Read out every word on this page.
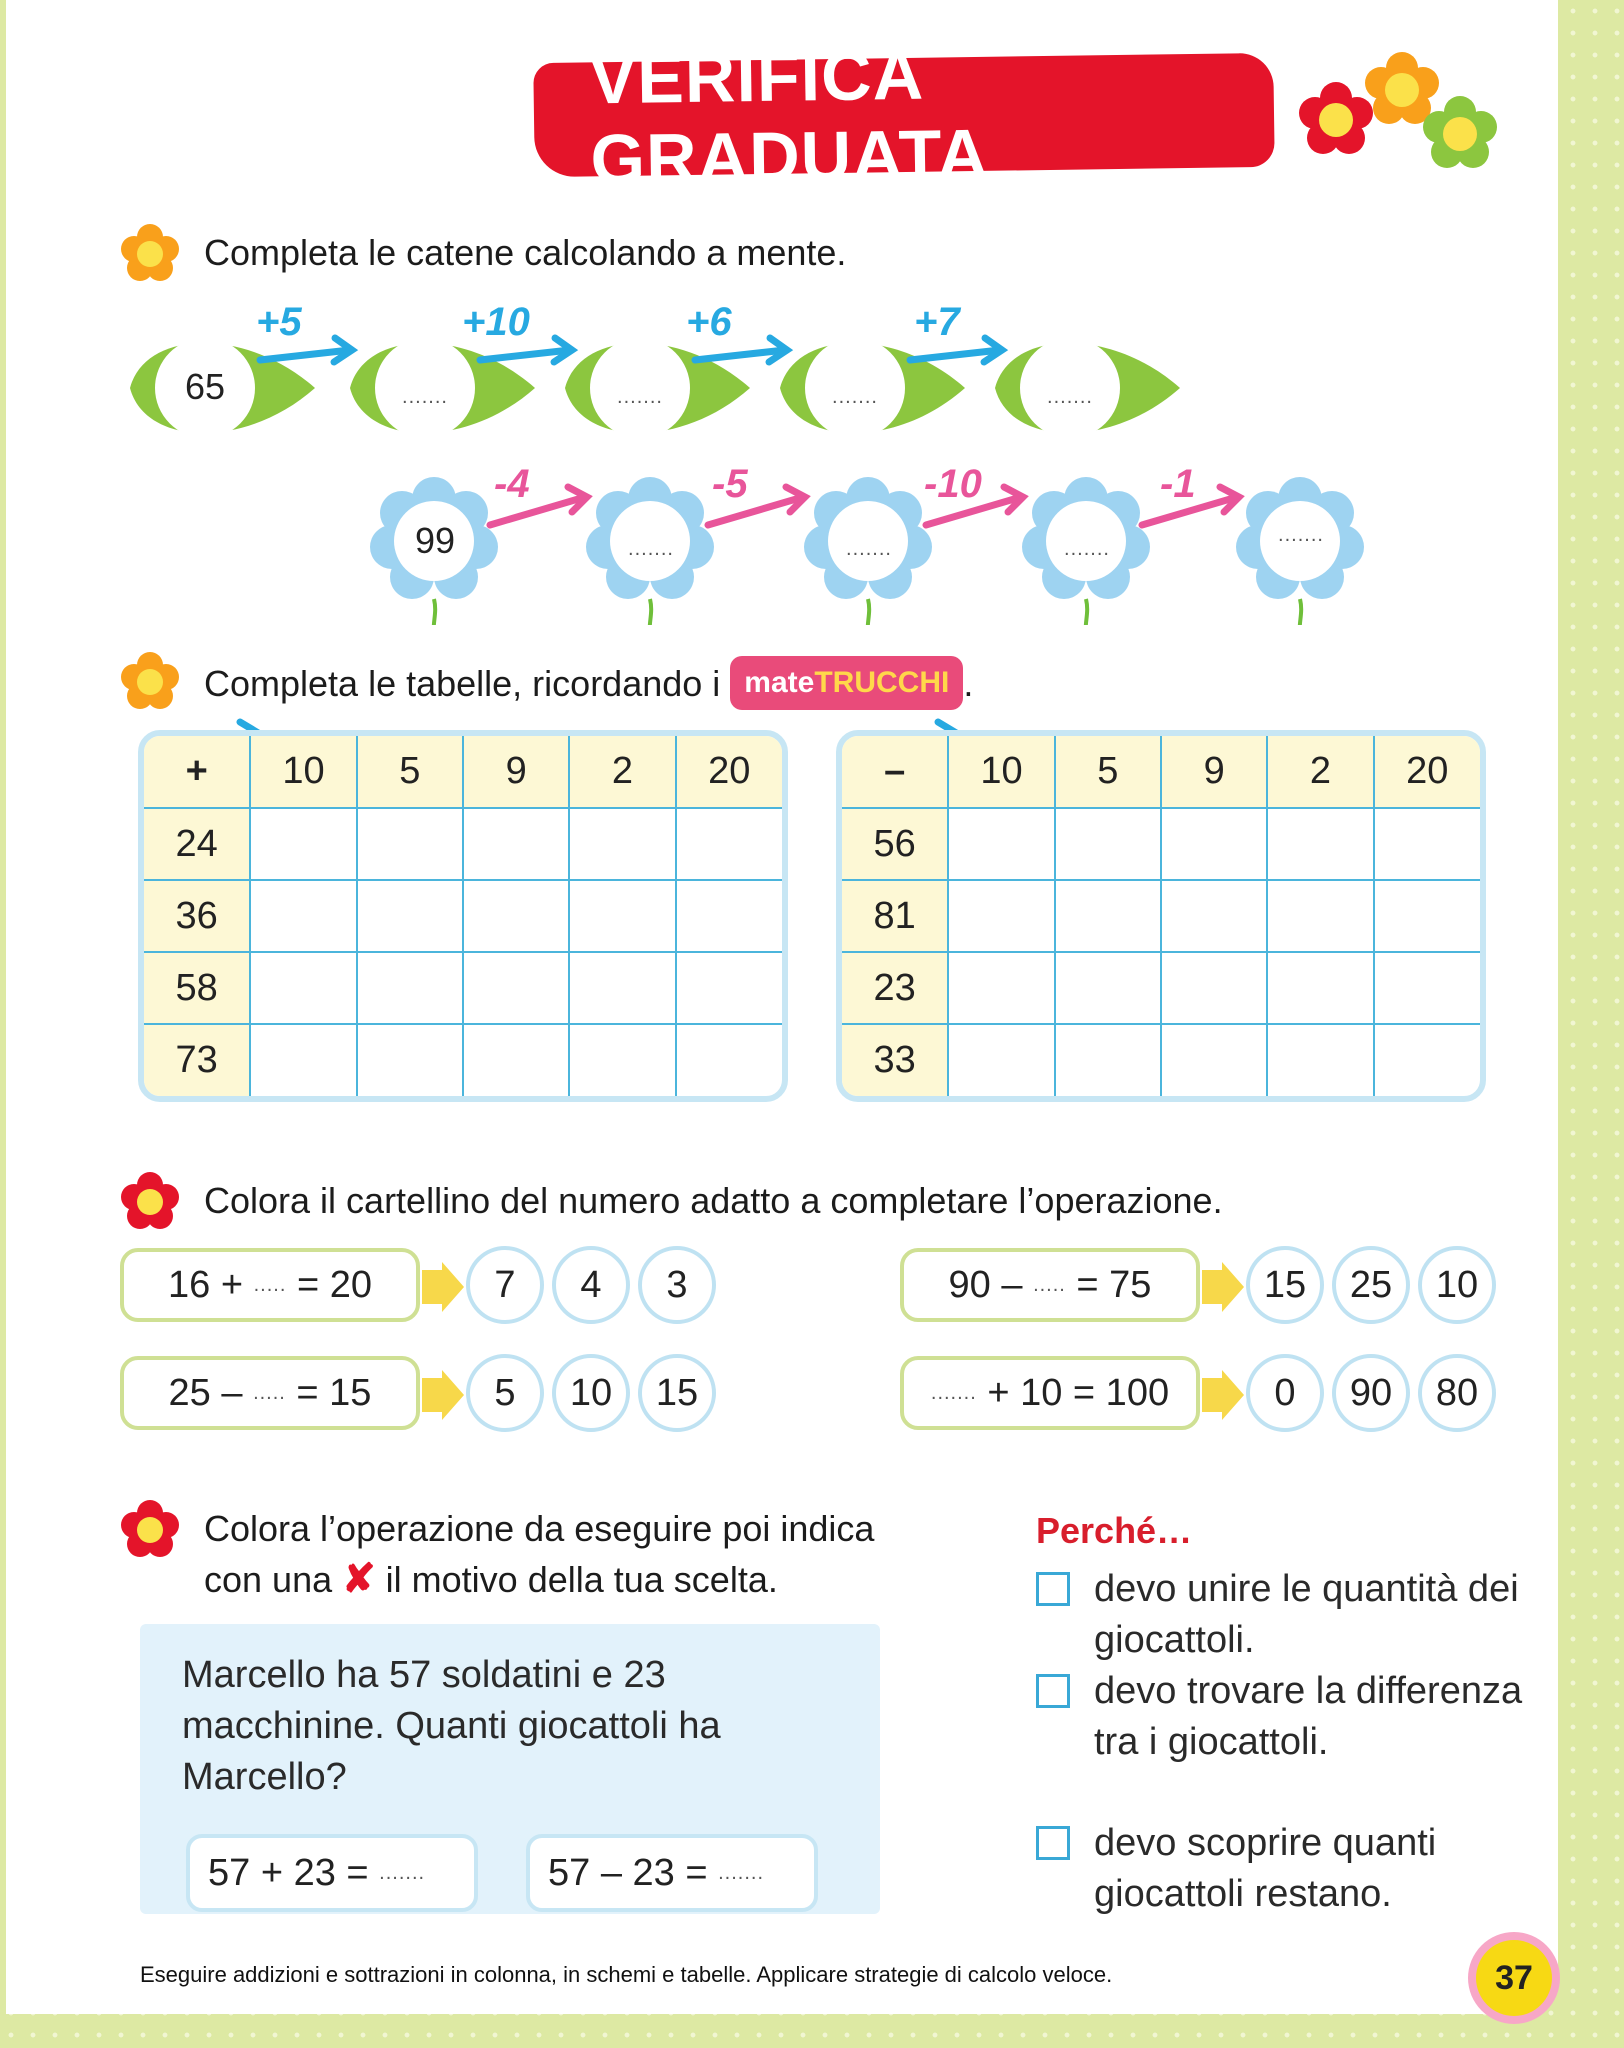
VERIFICA GRADUATA
Completa le catene calcolando a mente.
+5	+10	+6	+7
65	.......	.......	.......	.......
-4	-5	-10	-1
99	.......	.......	.......
.......
Completa le tabelle, ricordando i mateTRUCCHI .
+	10	5	9	2	20
24					
36					
58					
73					
–	10	5	9	2	20
56					
81					
23					
33					
Colora il cartellino del numero adatto a completare l’operazione.
16 +
.....
= 20	7	4	3
25 –
.....
= 15	5	10	15
90 –
.....
= 75	15	25	10
.......
+ 10 = 100	0	90	80
Colora l’operazione da eseguire poi indica
con una ✘ il motivo della tua scelta.
Marcello ha 57 soldatini e 23 macchinine. Quanti giocattoli ha Marcello?
57 + 23 =
.......	57 – 23 =
.......
Perché…
devo unire le quantità dei giocattoli.
devo trovare la differenza tra i giocattoli.
devo scoprire quanti giocattoli restano.
Eseguire addizioni e sottrazioni in colonna, in schemi e tabelle. Applicare strategie di calcolo veloce.	37
